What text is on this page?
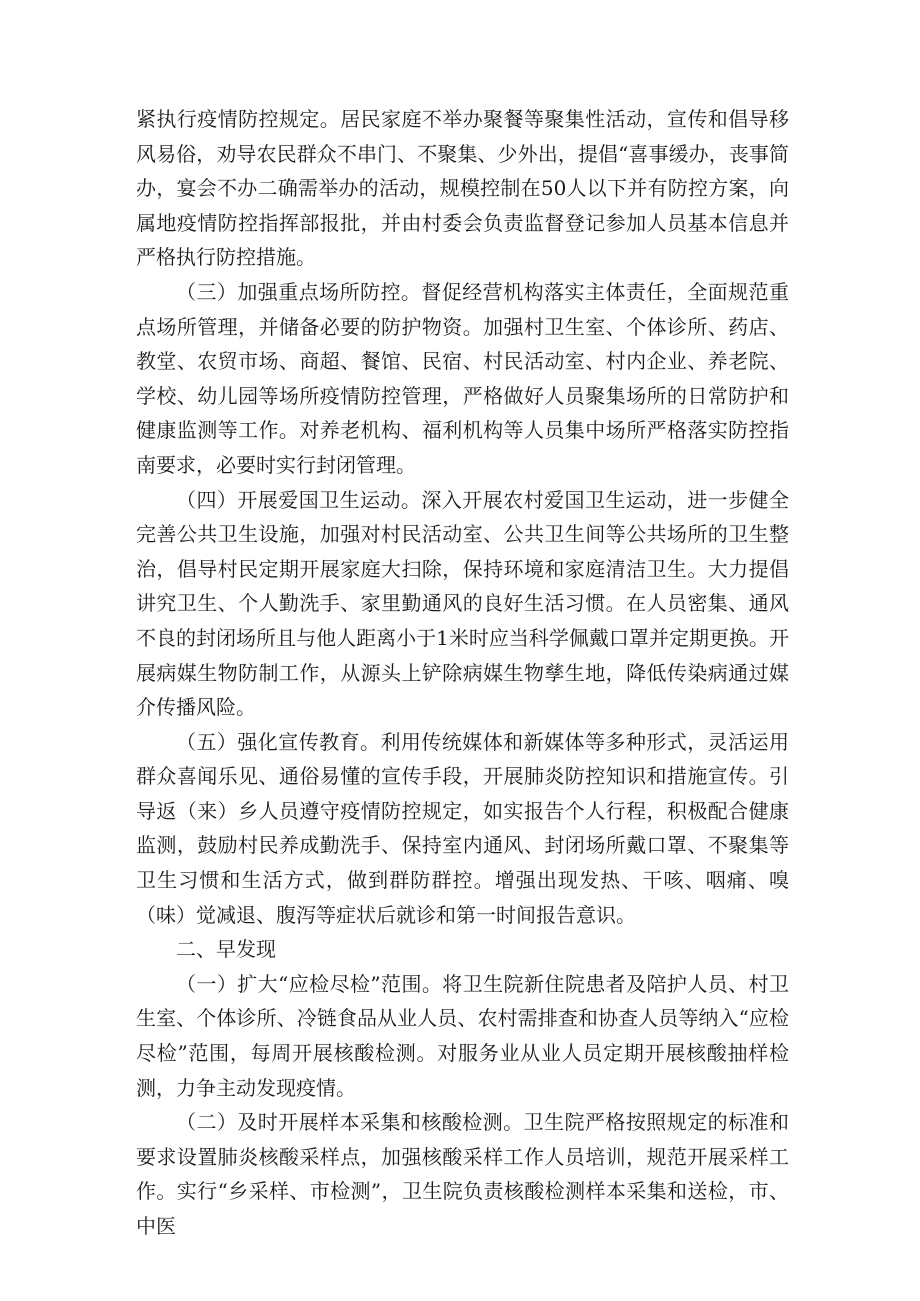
紧执行疫情防控规定。居民家庭不举办聚餐等聚集性活动，宣传和倡导移风易俗，劝导农民群众不串门、不聚集、少外出，提倡“喜事缓办，丧事简办，宴会不办二确需举办的活动，规模控制在50人以下并有防控方案，向属地疫情防控指挥部报批，并由村委会负责监督登记参加人员基本信息并严格执行防控措施。

（三）加强重点场所防控。督促经营机构落实主体责任，全面规范重点场所管理，并储备必要的防护物资。加强村卫生室、个体诊所、药店、教堂、农贸市场、商超、餐馆、民宿、村民活动室、村内企业、养老院、学校、幼儿园等场所疫情防控管理，严格做好人员聚集场所的日常防护和健康监测等工作。对养老机构、福利机构等人员集中场所严格落实防控指南要求，必要时实行封闭管理。

（四）开展爱国卫生运动。深入开展农村爱国卫生运动，进一步健全完善公共卫生设施，加强对村民活动室、公共卫生间等公共场所的卫生整治，倡导村民定期开展家庭大扫除，保持环境和家庭清洁卫生。大力提倡讲究卫生、个人勤洗手、家里勤通风的良好生活习惯。在人员密集、通风不良的封闭场所且与他人距离小于1米时应当科学佩戴口罩并定期更换。开展病媒生物防制工作，从源头上铲除病媒生物孳生地，降低传染病通过媒介传播风险。

（五）强化宣传教育。利用传统媒体和新媒体等多种形式，灵活运用群众喜闻乐见、通俗易懂的宣传手段，开展肺炎防控知识和措施宣传。引导返（来）乡人员遵守疫情防控规定，如实报告个人行程，积极配合健康监测，鼓励村民养成勤洗手、保持室内通风、封闭场所戴口罩、不聚集等卫生习惯和生活方式，做到群防群控。增强出现发热、干咳、咽痛、嗅（味）觉减退、腹泻等症状后就诊和第一时间报告意识。

二、早发现

（一）扩大“应检尽检”范围。将卫生院新住院患者及陪护人员、村卫生室、个体诊所、冷链食品从业人员、农村需排查和协查人员等纳入“应检尽检”范围，每周开展核酸检测。对服务业从业人员定期开展核酸抽样检测，力争主动发现疫情。

（二）及时开展样本采集和核酸检测。卫生院严格按照规定的标准和要求设置肺炎核酸采样点，加强核酸采样工作人员培训，规范开展采样工作。实行“乡采样、市检测”，卫生院负责核酸检测样本采集和送检，市、中医
